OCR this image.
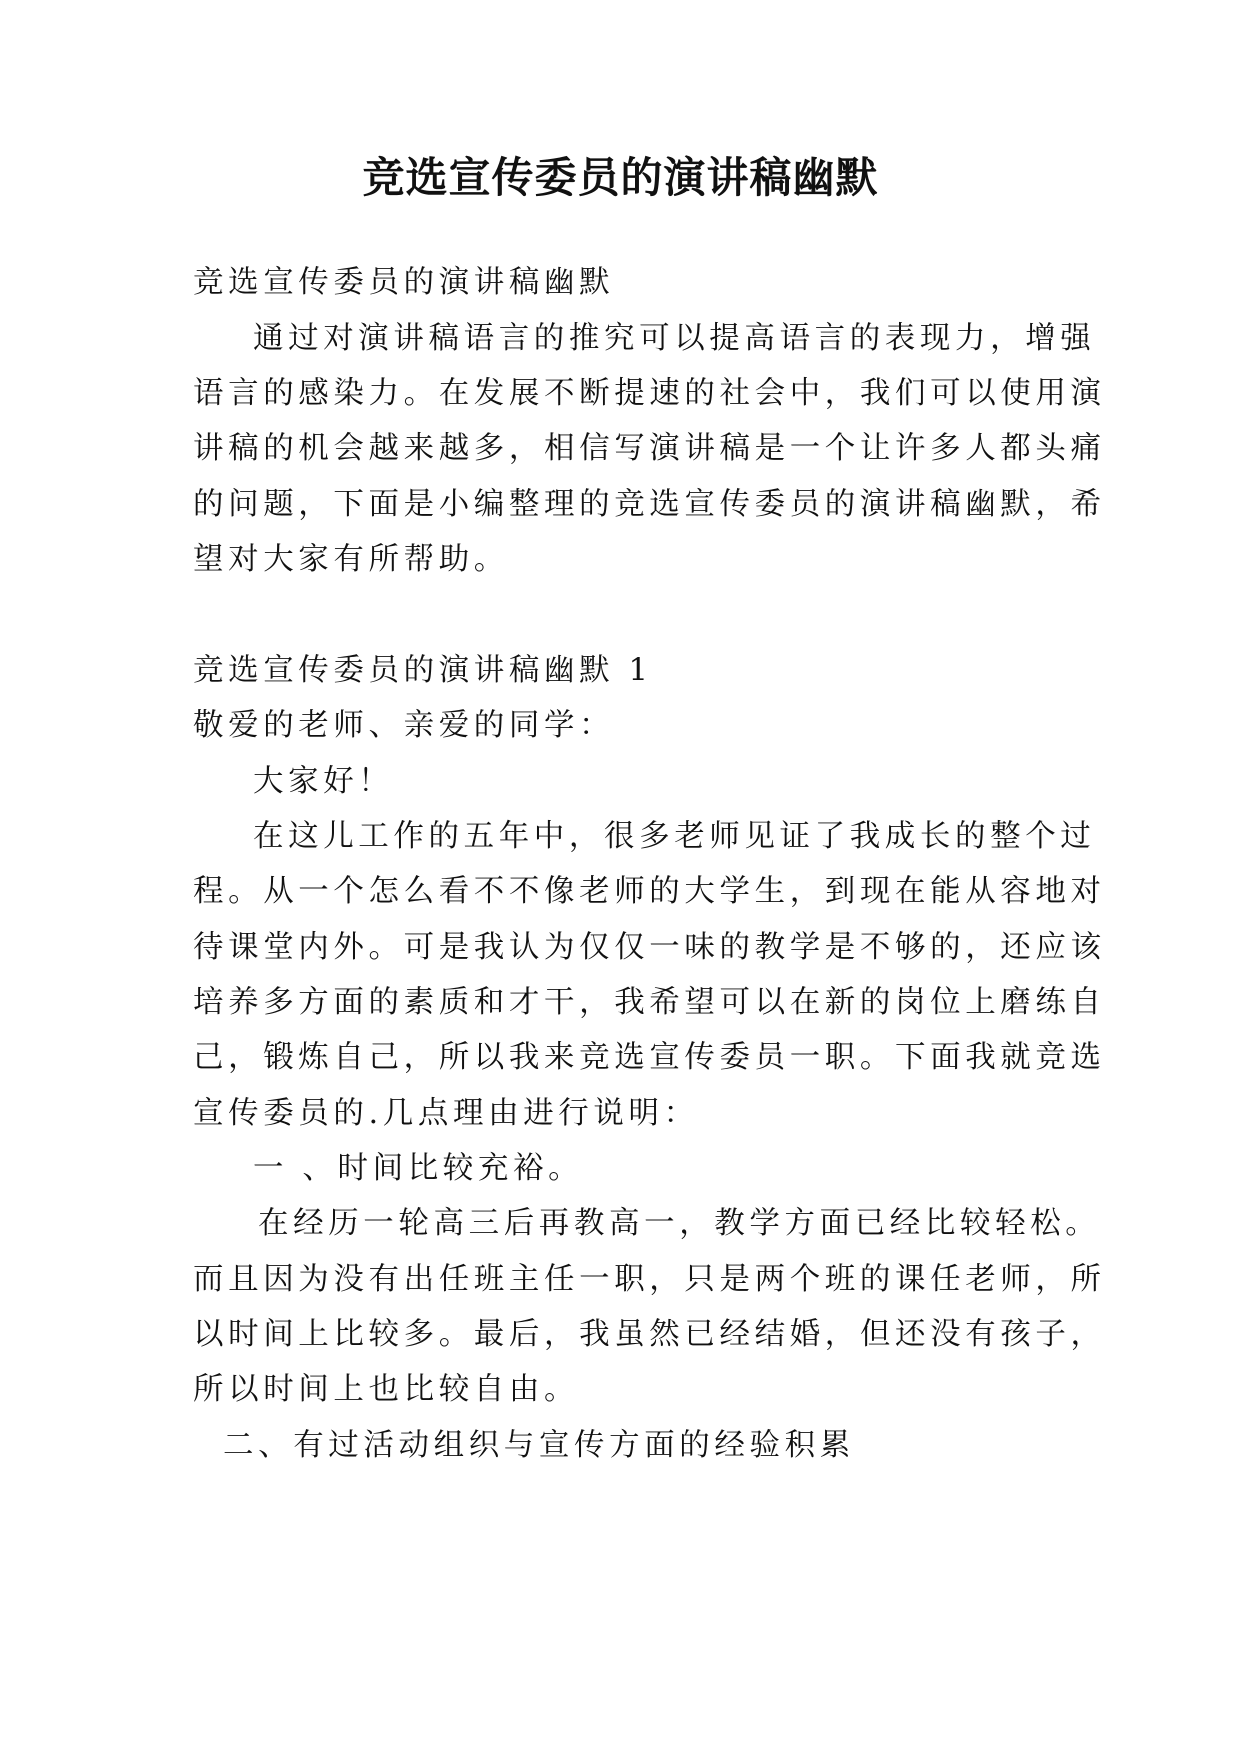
竞选宣传委员的演讲稿幽默
竞选宣传委员的演讲稿幽默
通过对演讲稿语言的推究可以提高语言的表现力，增强
语言的感染力。在发展不断提速的社会中，我们可以使用演
讲稿的机会越来越多，相信写演讲稿是一个让许多人都头痛
的问题，下面是小编整理的竞选宣传委员的演讲稿幽默，希
望对大家有所帮助。
竞选宣传委员的演讲稿幽默 1
敬爱的老师、亲爱的同学：
大家好！
在这儿工作的五年中，很多老师见证了我成长的整个过
程。从一个怎么看不不像老师的大学生，到现在能从容地对
待课堂内外。可是我认为仅仅一味的教学是不够的，还应该
培养多方面的素质和才干，我希望可以在新的岗位上磨练自
己，锻炼自己，所以我来竞选宣传委员一职。下面我就竞选
宣传委员的.几点理由进行说明：
一 、时间比较充裕。
在经历一轮高三后再教高一，教学方面已经比较轻松。
而且因为没有出任班主任一职，只是两个班的课任老师，所
以时间上比较多。最后，我虽然已经结婚，但还没有孩子，
所以时间上也比较自由。
二、有过活动组织与宣传方面的经验积累
